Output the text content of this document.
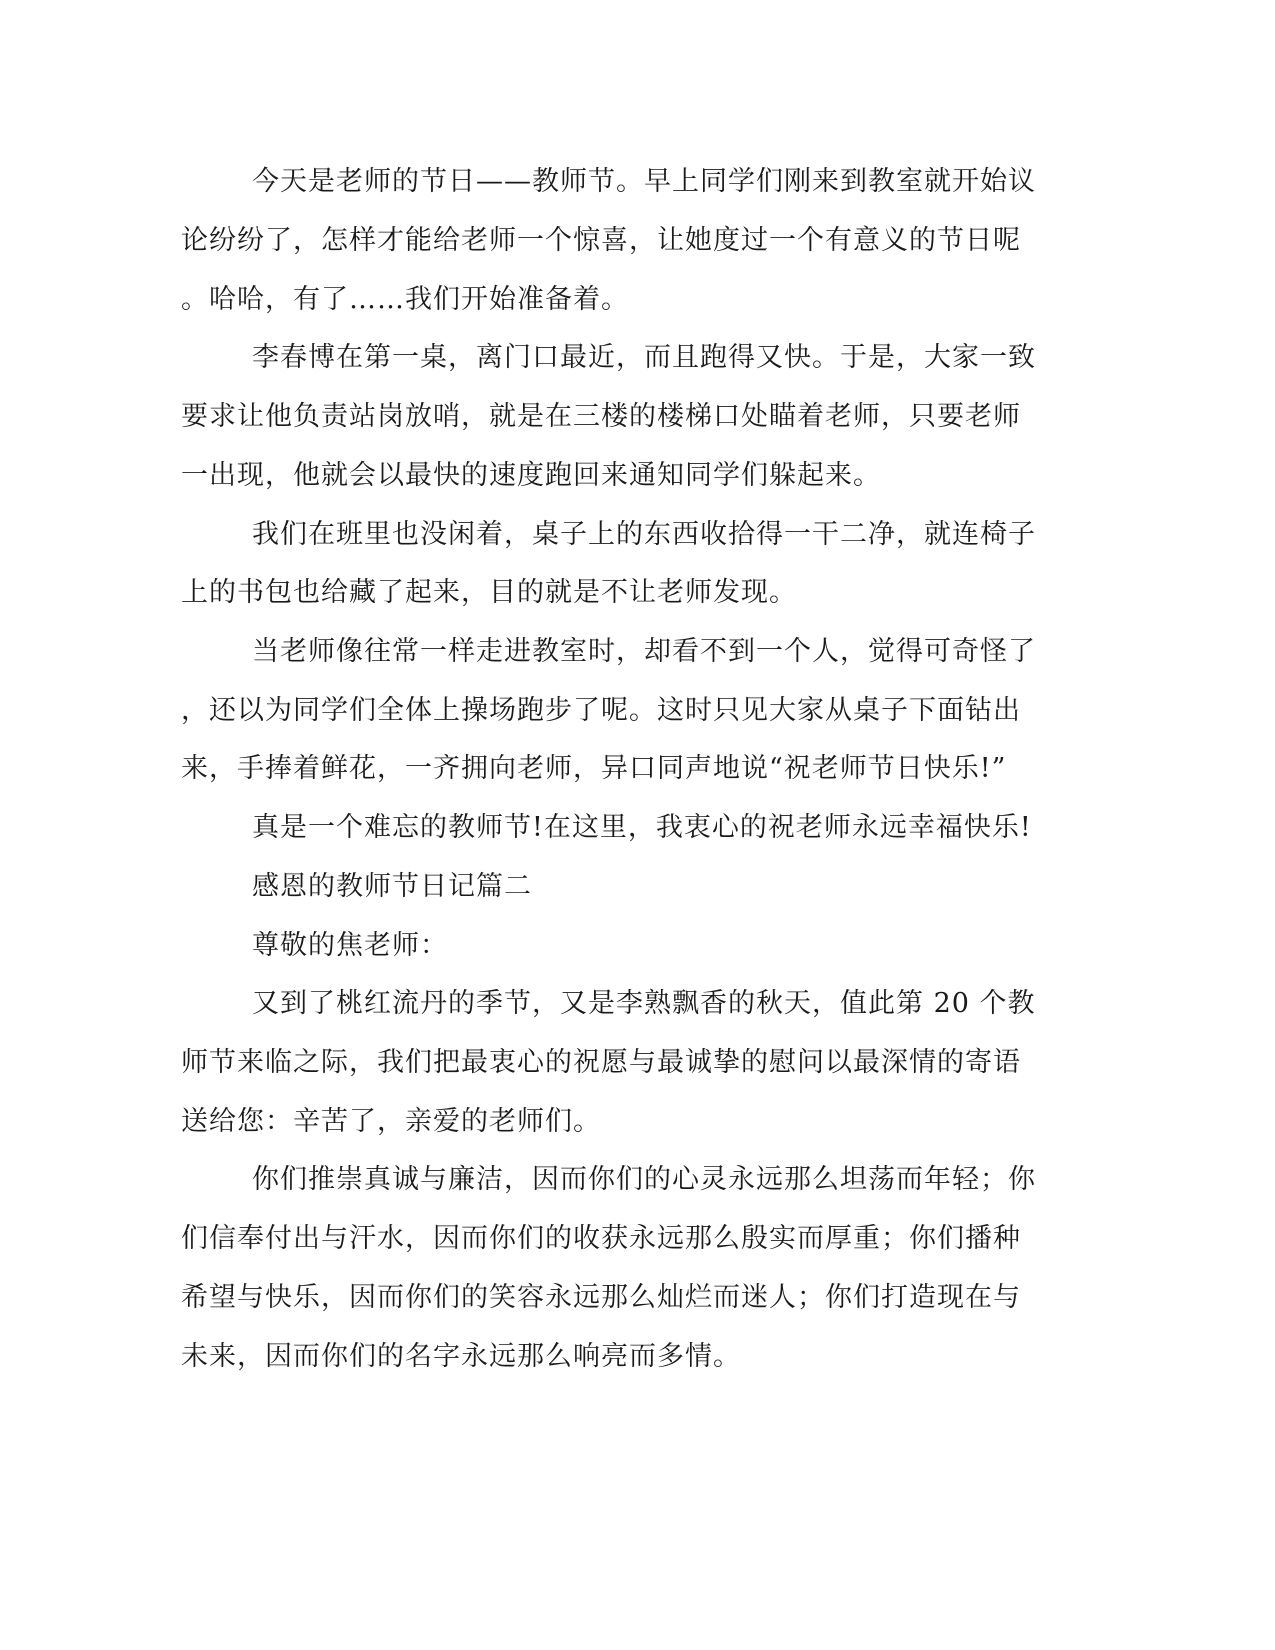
今天是老师的节日——教师节。早上同学们刚来到教室就开始议
论纷纷了，怎样才能给老师一个惊喜，让她度过一个有意义的节日呢
。哈哈，有了……我们开始准备着。
李春博在第一桌，离门口最近，而且跑得又快。于是，大家一致
要求让他负责站岗放哨，就是在三楼的楼梯口处瞄着老师，只要老师
一出现，他就会以最快的速度跑回来通知同学们躲起来。
我们在班里也没闲着，桌子上的东西收拾得一干二净，就连椅子
上的书包也给藏了起来，目的就是不让老师发现。
当老师像往常一样走进教室时，却看不到一个人，觉得可奇怪了
，还以为同学们全体上操场跑步了呢。这时只见大家从桌子下面钻出
来，手捧着鲜花，一齐拥向老师，异口同声地说“祝老师节日快乐!”
真是一个难忘的教师节!在这里，我衷心的祝老师永远幸福快乐!
感恩的教师节日记篇二
尊敬的焦老师：
又到了桃红流丹的季节，又是李熟飘香的秋天，值此第 20 个教
师节来临之际，我们把最衷心的祝愿与最诚挚的慰问以最深情的寄语
送给您：辛苦了，亲爱的老师们。
你们推崇真诚与廉洁，因而你们的心灵永远那么坦荡而年轻；你
们信奉付出与汗水，因而你们的收获永远那么殷实而厚重；你们播种
希望与快乐，因而你们的笑容永远那么灿烂而迷人；你们打造现在与
未来，因而你们的名字永远那么响亮而多情。
